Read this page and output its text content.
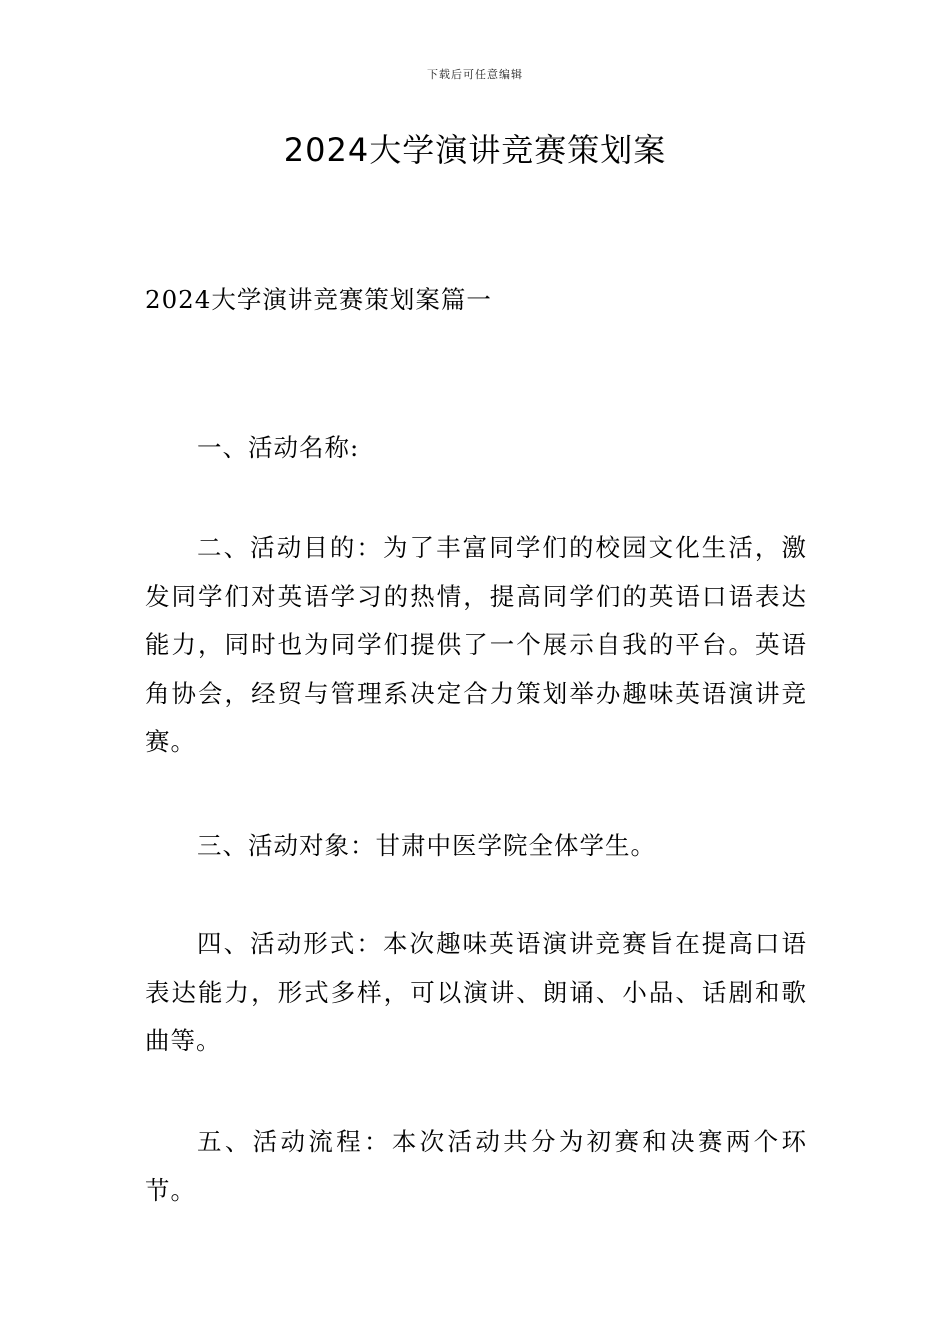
下载后可任意编辑
2024大学演讲竞赛策划案

2024大学演讲竞赛策划案篇一

一、活动名称:

二、活动目的：为了丰富同学们的校园文化生活，激发同学们对英语学习的热情，提高同学们的英语口语表达能力，同时也为同学们提供了一个展示自我的平台。英语角协会，经贸与管理系决定合力策划举办趣味英语演讲竞赛。

三、活动对象：甘肃中医学院全体学生。

四、活动形式：本次趣味英语演讲竞赛旨在提高口语表达能力，形式多样，可以演讲、朗诵、小品、话剧和歌曲等。

五、活动流程：本次活动共分为初赛和决赛两个环节。
